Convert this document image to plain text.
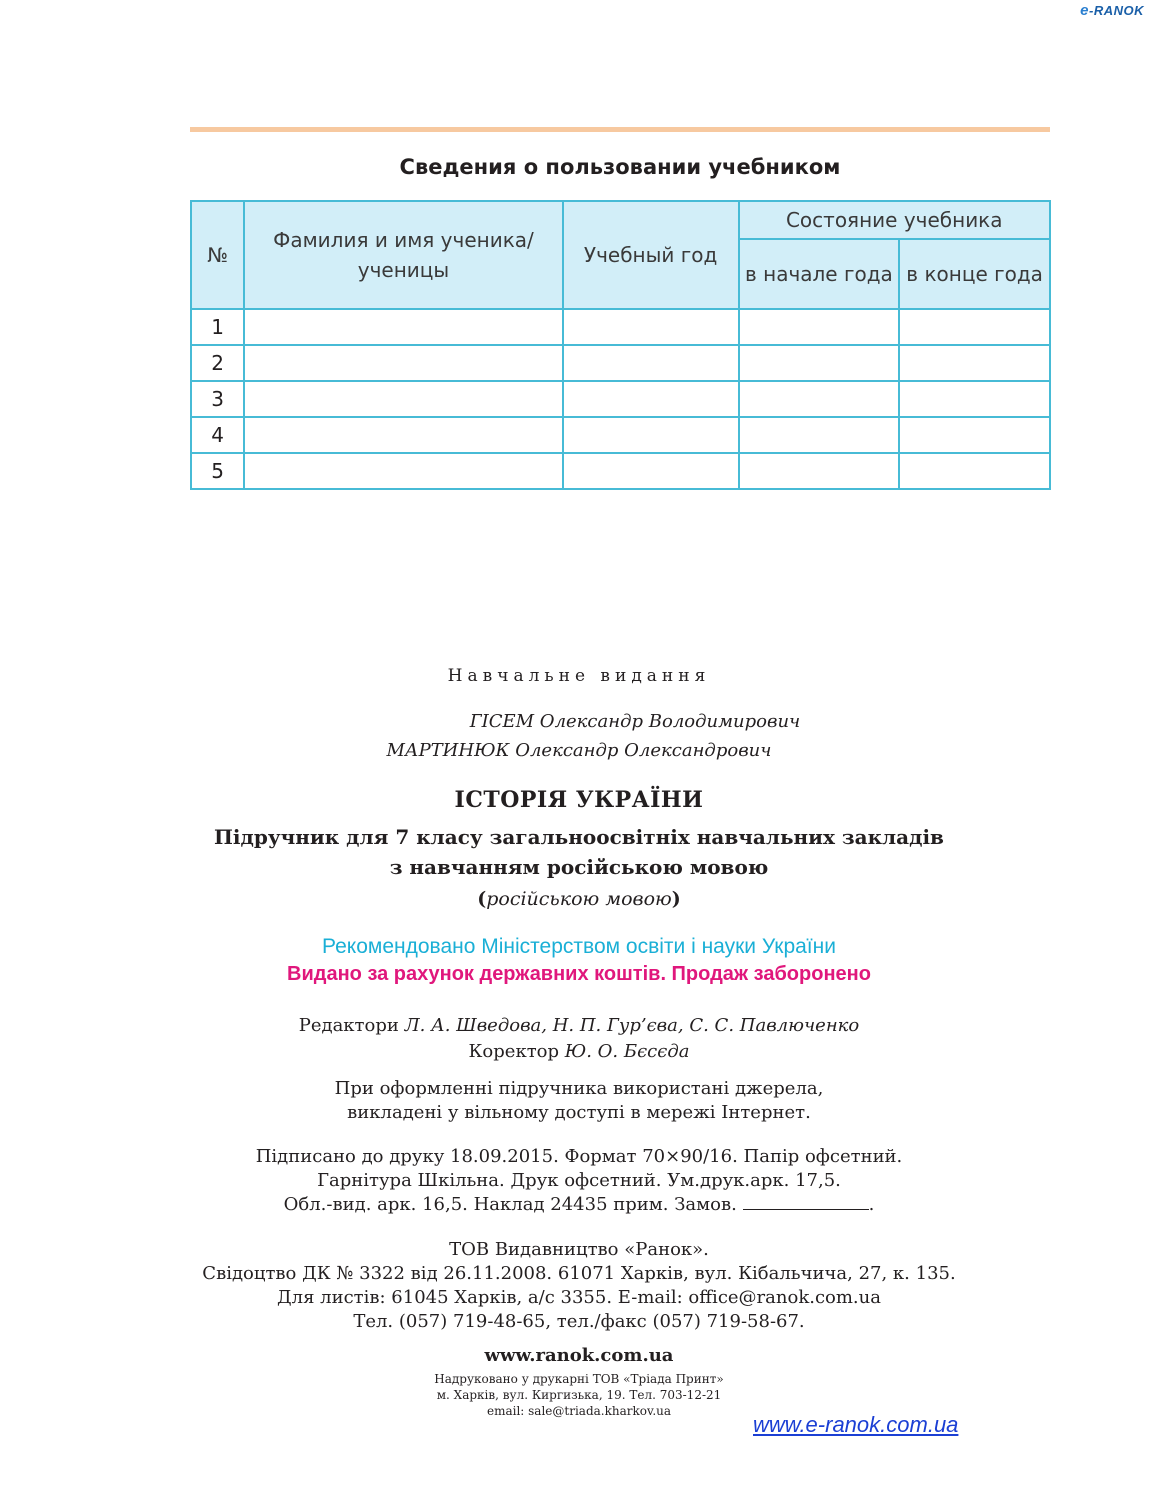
e-RANOK
Сведения о пользовании учебником
№	Фамилия и имя ученика/ученицы	Учебный год	Состояние учебника	
			в начале года	в конце года
1				
2				
3				
4				
5				

Навчальне видання

ГІСЕМ Олександр Володимирович

МАРТИНЮК Олександр Олександрович

ІСТОРІЯ УКРАЇНИ

Підручник для 7 класу загальноосвітніх навчальних закладів

з навчанням російською мовою

(російською мовою)

Рекомендовано Міністерством освіти і науки України

Видано за рахунок державних коштів. Продаж заборонено

Редактори Л. А. Шведова, Н. П. Гур’єва, С. С. Павлюченко

Коректор Ю. О. Бєсєда

При оформленні підручника використані джерела,

викладені у вільному доступі в мережі Інтернет.

Підписано до друку 18.09.2015. Формат 70×90/16. Папір офсетний.

Гарнітура Шкільна. Друк офсетний. Ум.друк.арк. 17,5.

Обл.-вид. арк. 16,5. Наклад 24435 прим. Замов.	.

ТОВ Видавництво «Ранок».

Свідоцтво ДК № 3322 від 26.11.2008. 61071 Харків, вул. Кібальчича, 27, к. 135.

Для листів: 61045 Харків, а/с 3355. E-mail: office@ranok.com.ua

Тел. (057) 719-48-65, тел./факс (057) 719-58-67.

www.ranok.com.ua

Надруковано у друкарні ТОВ «Тріада Принт»

м. Харків, вул. Киргизька, 19. Тел. 703-12-21

email: sale@triada.kharkov.ua

www.e-ranok.com.ua
